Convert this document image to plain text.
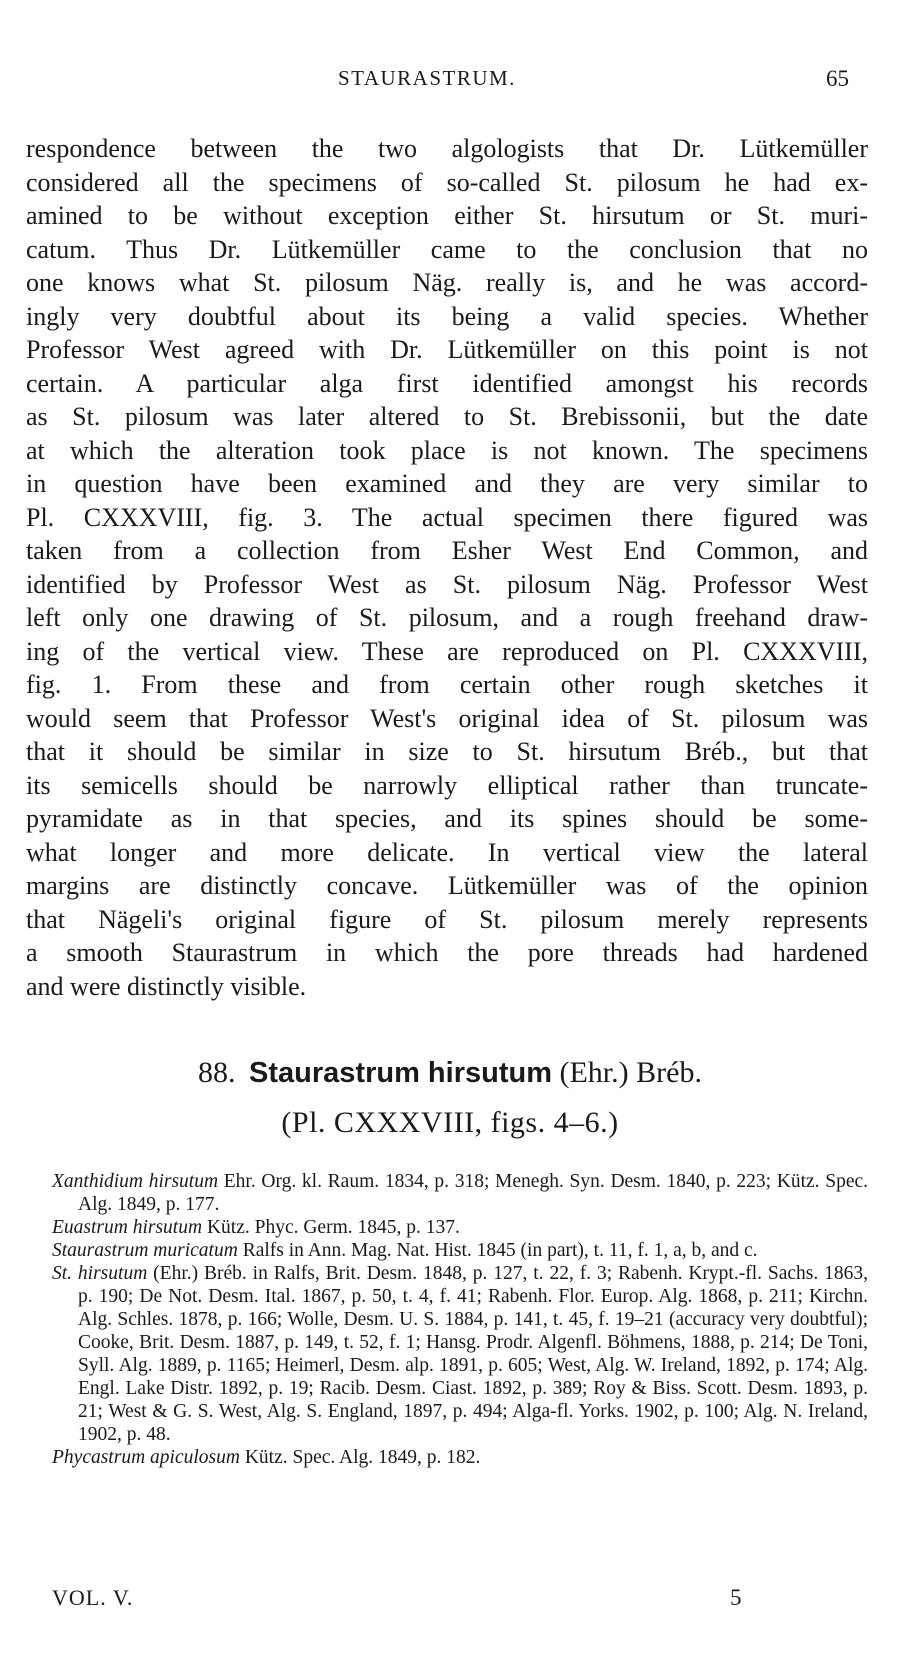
STAURASTRUM.	65
respondence between the two algologists that Dr. Lütkemüller
considered all the specimens of so-called St. pilosum he had ex-
amined to be without exception either St. hirsutum or St. muri-
catum. Thus Dr. Lütkemüller came to the conclusion that no
one knows what St. pilosum Näg. really is, and he was accord-
ingly very doubtful about its being a valid species. Whether
Professor West agreed with Dr. Lütkemüller on this point is not
certain. A particular alga first identified amongst his records
as St. pilosum was later altered to St. Brebissonii, but the date
at which the alteration took place is not known. The specimens
in question have been examined and they are very similar to
Pl. CXXXVIII, fig. 3. The actual specimen there figured was
taken from a collection from Esher West End Common, and
identified by Professor West as St. pilosum Näg. Professor West
left only one drawing of St. pilosum, and a rough freehand draw-
ing of the vertical view. These are reproduced on Pl. CXXXVIII,
fig. 1. From these and from certain other rough sketches it
would seem that Professor West's original idea of St. pilosum was
that it should be similar in size to St. hirsutum Bréb., but that
its semicells should be narrowly elliptical rather than truncate-
pyramidate as in that species, and its spines should be some-
what longer and more delicate. In vertical view the lateral
margins are distinctly concave. Lütkemüller was of the opinion
that Nägeli's original figure of St. pilosum merely represents
a smooth Staurastrum in which the pore threads had hardened
and were distinctly visible.
88. Staurastrum hirsutum (Ehr.) Bréb.
(Pl. CXXXVIII, figs. 4–6.)

Xanthidium hirsutum Ehr. Org. kl. Raum. 1834, p. 318; Menegh. Syn. Desm. 1840, p. 223; Kütz. Spec. Alg. 1849, p. 177.

Euastrum hirsutum Kütz. Phyc. Germ. 1845, p. 137.

Staurastrum muricatum Ralfs in Ann. Mag. Nat. Hist. 1845 (in part), t. 11, f. 1, a, b, and c.

St. hirsutum (Ehr.) Bréb. in Ralfs, Brit. Desm. 1848, p. 127, t. 22, f. 3; Rabenh. Krypt.-fl. Sachs. 1863, p. 190; De Not. Desm. Ital. 1867, p. 50, t. 4, f. 41; Rabenh. Flor. Europ. Alg. 1868, p. 211; Kirchn. Alg. Schles. 1878, p. 166; Wolle, Desm. U. S. 1884, p. 141, t. 45, f. 19–21 (accuracy very doubtful); Cooke, Brit. Desm. 1887, p. 149, t. 52, f. 1; Hansg. Prodr. Algenfl. Böhmens, 1888, p. 214; De Toni, Syll. Alg. 1889, p. 1165; Heimerl, Desm. alp. 1891, p. 605; West, Alg. W. Ireland, 1892, p. 174; Alg. Engl. Lake Distr. 1892, p. 19; Racib. Desm. Ciast. 1892, p. 389; Roy & Biss. Scott. Desm. 1893, p. 21; West & G. S. West, Alg. S. England, 1897, p. 494; Alga-fl. Yorks. 1902, p. 100; Alg. N. Ireland, 1902, p. 48.

Phycastrum apiculosum Kütz. Spec. Alg. 1849, p. 182.

VOL. V.	5
